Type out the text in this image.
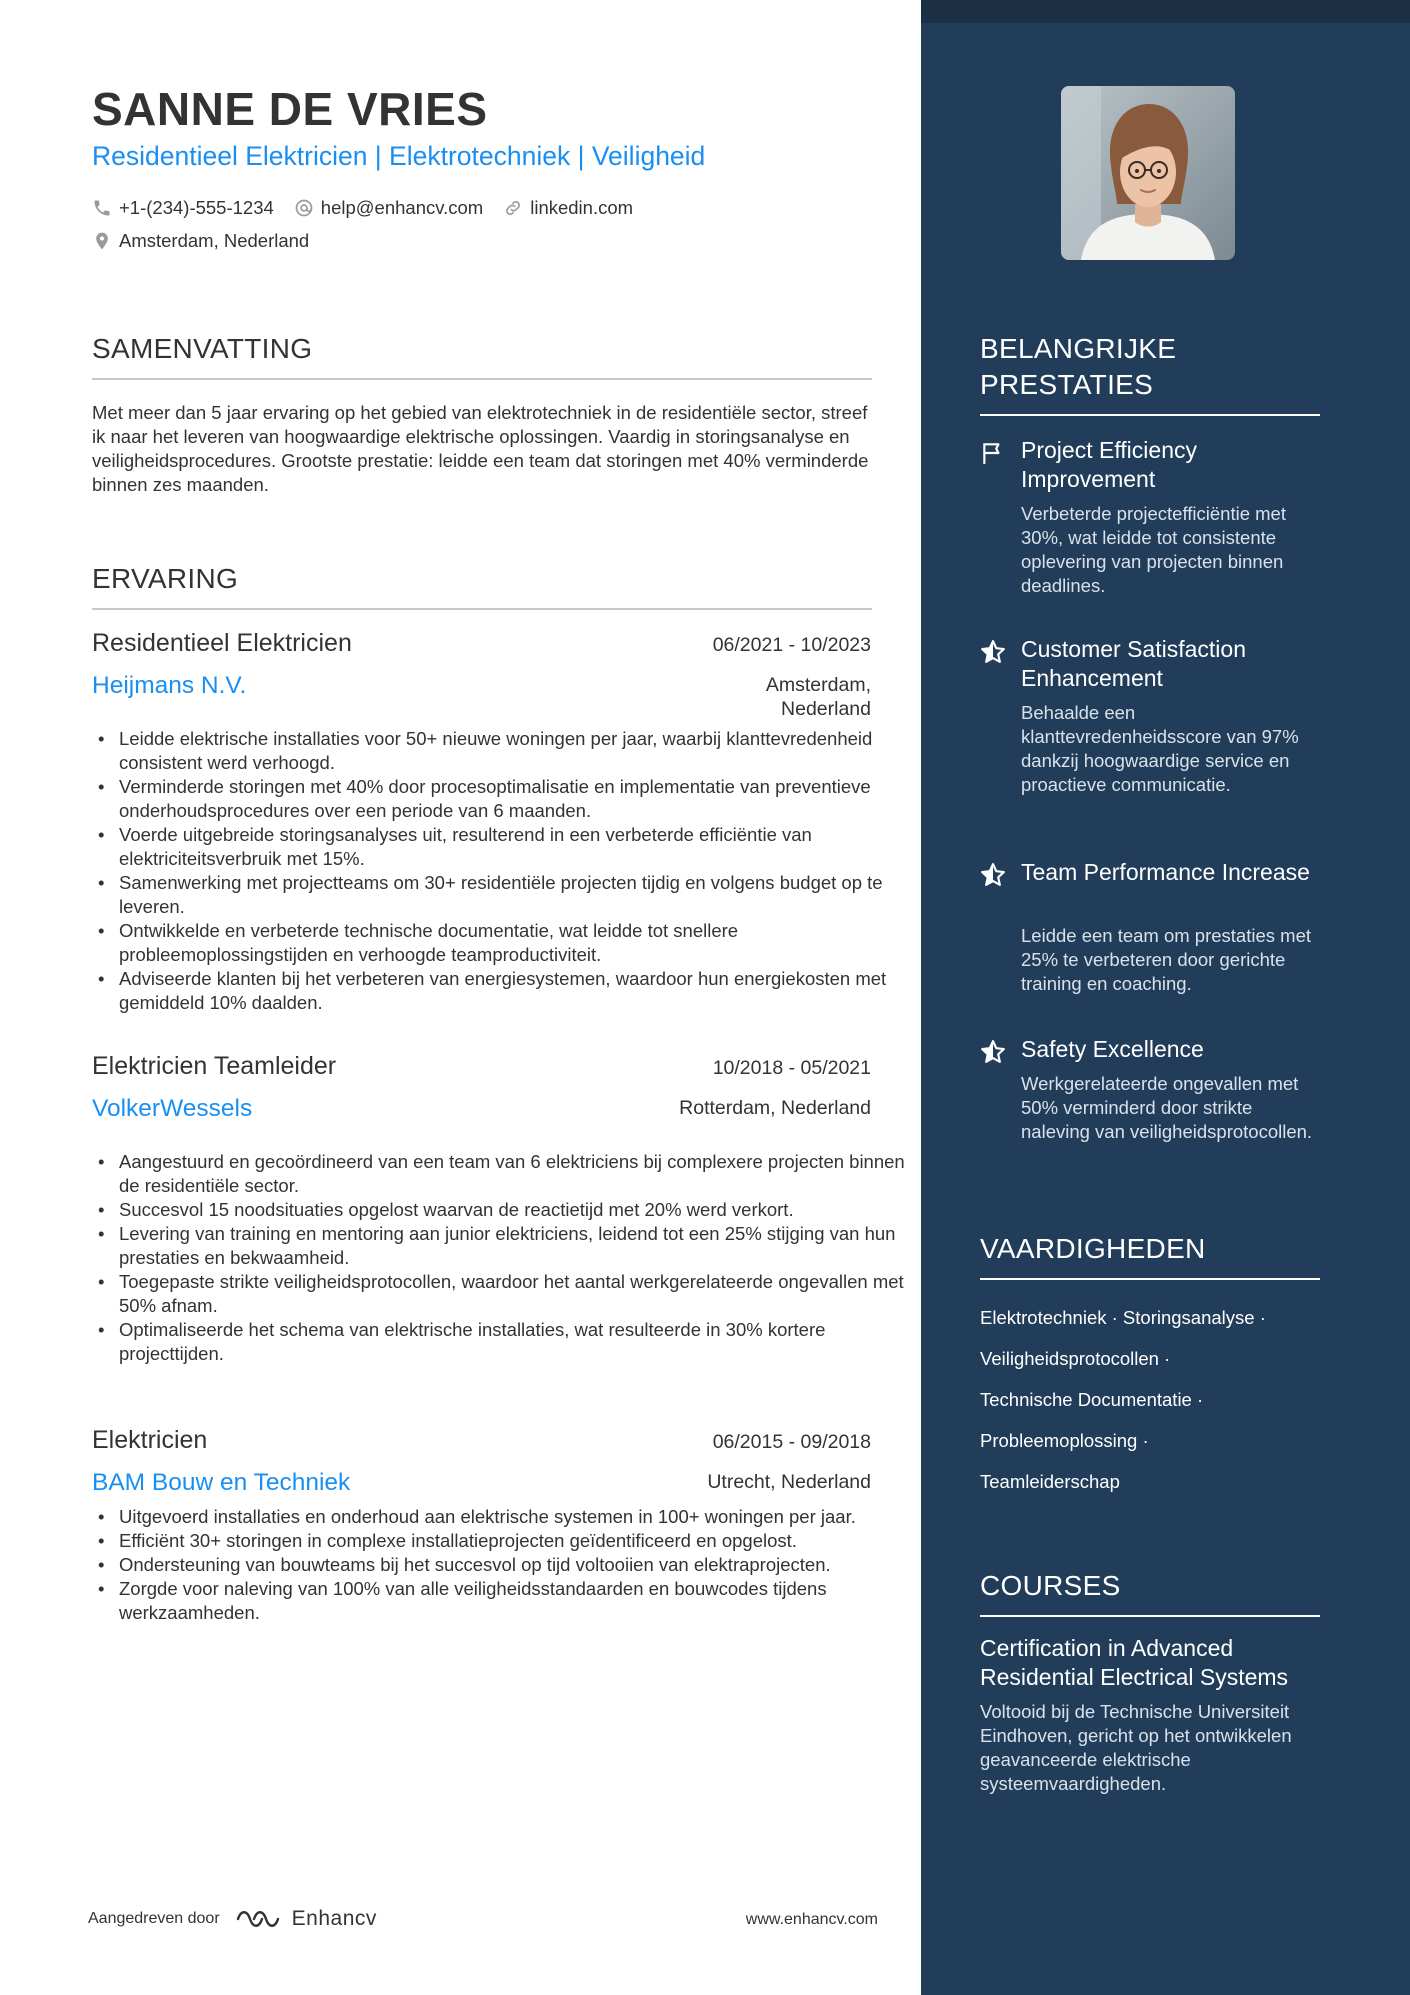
SANNE DE VRIES
Residentieel Elektricien | Elektrotechniek | Veiligheid
+1-(234)-555-1234	help@enhancv.com	linkedin.com
Amsterdam, Nederland
SAMENVATTING
Met meer dan 5 jaar ervaring op het gebied van elektrotechniek in de residentiële sector, streef ik naar het leveren van hoogwaardige elektrische oplossingen. Vaardig in storingsanalyse en veiligheidsprocedures. Grootste prestatie: leidde een team dat storingen met 40% verminderde binnen zes maanden.
ERVARING
Residentieel Elektricien	06/2021 - 10/2023
Heijmans N.V.	Amsterdam, Nederland
• Leidde elektrische installaties voor 50+ nieuwe woningen per jaar, waarbij klanttevredenheid consistent werd verhoogd.
• Verminderde storingen met 40% door procesoptimalisatie en implementatie van preventieve onderhoudsprocedures over een periode van 6 maanden.
• Voerde uitgebreide storingsanalyses uit, resulterend in een verbeterde efficiëntie van elektriciteitsverbruik met 15%.
• Samenwerking met projectteams om 30+ residentiële projecten tijdig en volgens budget op te leveren.
• Ontwikkelde en verbeterde technische documentatie, wat leidde tot snellere probleemoplossingstijden en verhoogde teamproductiviteit.
• Adviseerde klanten bij het verbeteren van energiesystemen, waardoor hun energiekosten met gemiddeld 10% daalden.
Elektricien Teamleider	10/2018 - 05/2021
VolkerWessels	Rotterdam, Nederland
• Aangestuurd en gecoördineerd van een team van 6 elektriciens bij complexere projecten binnen de residentiële sector.
• Succesvol 15 noodsituaties opgelost waarvan de reactietijd met 20% werd verkort.
• Levering van training en mentoring aan junior elektriciens, leidend tot een 25% stijging van hun prestaties en bekwaamheid.
• Toegepaste strikte veiligheidsprotocollen, waardoor het aantal werkgerelateerde ongevallen met 50% afnam.
• Optimaliseerde het schema van elektrische installaties, wat resulteerde in 30% kortere projecttijden.
Elektricien	06/2015 - 09/2018
BAM Bouw en Techniek	Utrecht, Nederland
• Uitgevoerd installaties en onderhoud aan elektrische systemen in 100+ woningen per jaar.
• Efficiënt 30+ storingen in complexe installatieprojecten geïdentificeerd en opgelost.
• Ondersteuning van bouwteams bij het succesvol op tijd voltooiien van elektraprojecten.
• Zorgde voor naleving van 100% van alle veiligheidsstandaarden en bouwcodes tijdens werkzaamheden.
Aangedreven door	Enhancv	www.enhancv.com
BELANGRIJKE PRESTATIES
Project Efficiency Improvement
Verbeterde projectefficiëntie met 30%, wat leidde tot consistente oplevering van projecten binnen deadlines.
Customer Satisfaction Enhancement
Behaalde een klanttevredenheidsscore van 97% dankzij hoogwaardige service en proactieve communicatie.
Team Performance Increase
Leidde een team om prestaties met 25% te verbeteren door gerichte training en coaching.
Safety Excellence
Werkgerelateerde ongevallen met 50% verminderd door strikte naleving van veiligheidsprotocollen.
VAARDIGHEDEN
Elektrotechniek · Storingsanalyse ·
Veiligheidsprotocollen ·
Technische Documentatie ·
Probleemoplossing ·
Teamleiderschap
COURSES
Certification in Advanced Residential Electrical Systems
Voltooid bij de Technische Universiteit Eindhoven, gericht op het ontwikkelen geavanceerde elektrische systeemvaardigheden.
